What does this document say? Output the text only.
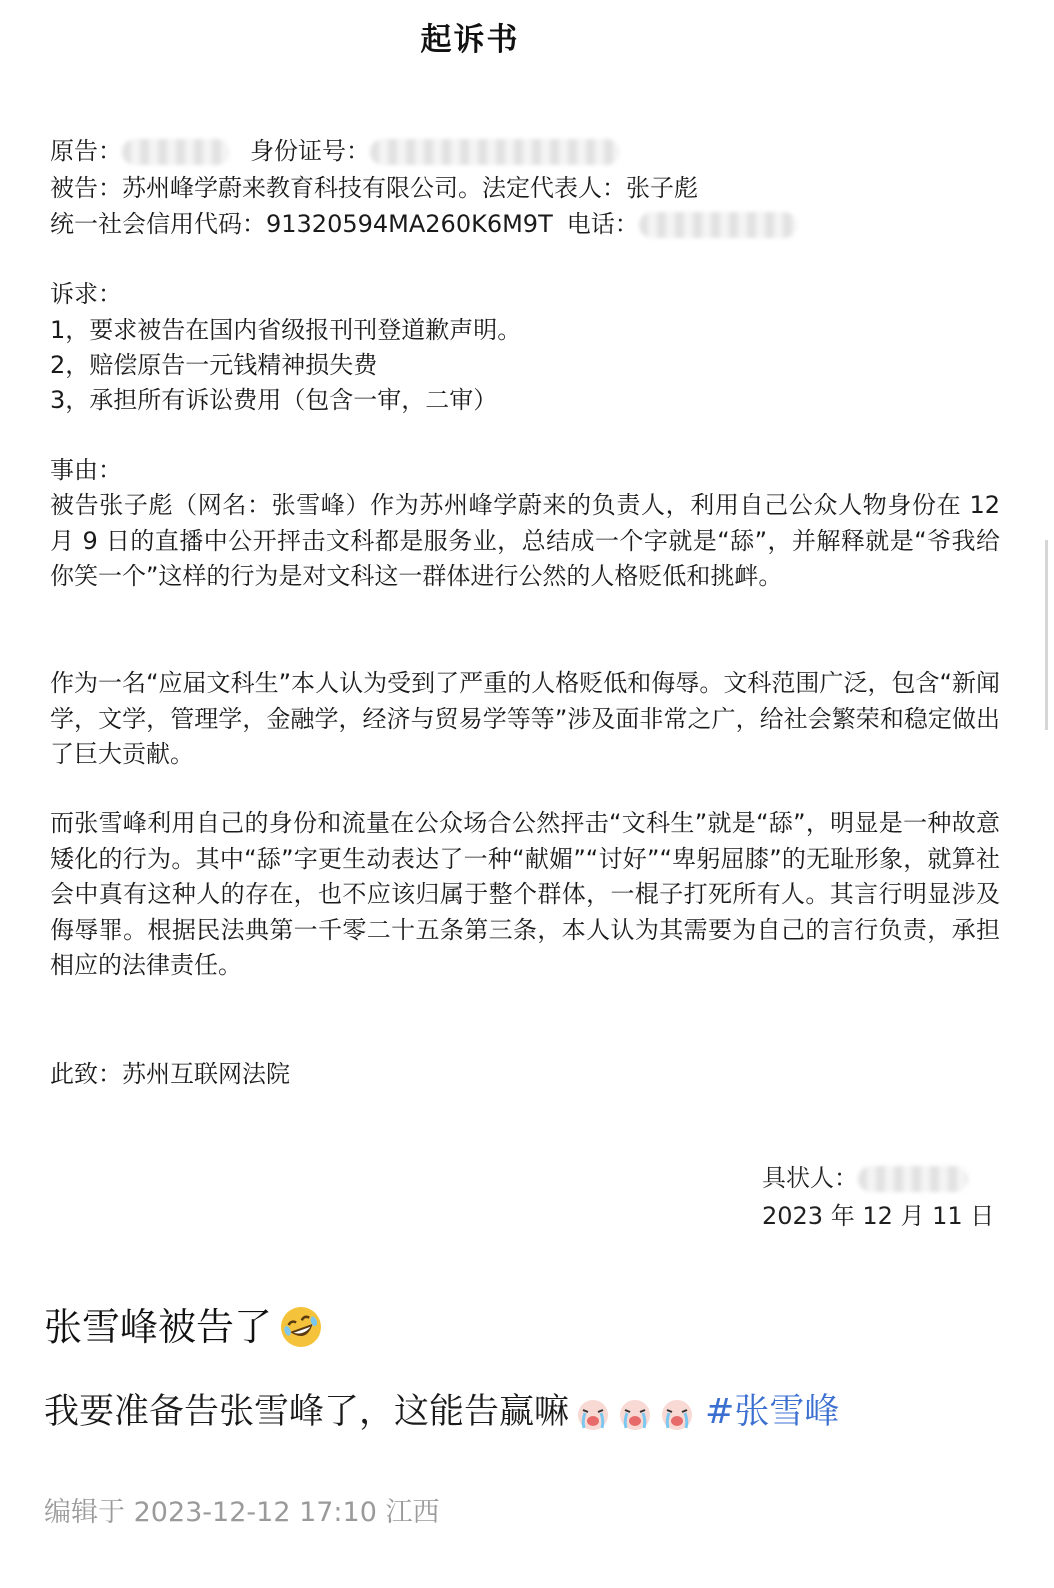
起诉书
原告：	身份证号：
被告：苏州峰学蔚来教育科技有限公司。法定代表人：张子彪
统一社会信用代码：91320594MA260K6M9T 电话：
诉求：
1，要求被告在国内省级报刊刊登道歉声明。
2，赔偿原告一元钱精神损失费
3，承担所有诉讼费用（包含一审，二审）
事由：
被告张子彪（网名：张雪峰）作为苏州峰学蔚来的负责人，利用自己公众人物身份在 12 月 9 日的直播中公开抨击文科都是服务业，总结成一个字就是“舔”，并解释就是“爷我给你笑一个”这样的行为是对文科这一群体进行公然的人格贬低和挑衅。
作为一名“应届文科生”本人认为受到了严重的人格贬低和侮辱。文科范围广泛，包含“新闻学，文学，管理学，金融学，经济与贸易学等等”涉及面非常之广，给社会繁荣和稳定做出了巨大贡献。
而张雪峰利用自己的身份和流量在公众场合公然抨击“文科生”就是“舔”，明显是一种故意矮化的行为。其中“舔”字更生动表达了一种“献媚”“讨好”“卑躬屈膝”的无耻形象，就算社会中真有这种人的存在，也不应该归属于整个群体，一棍子打死所有人。其言行明显涉及侮辱罪。根据民法典第一千零二十五条第三条，本人认为其需要为自己的言行负责，承担相应的法律责任。
此致：苏州互联网法院
具状人：
2023 年 12 月 11 日
张雪峰被告了
我要准备告张雪峰了，这能告赢嘛	#张雪峰
编辑于 2023-12-12 17:10 江西
